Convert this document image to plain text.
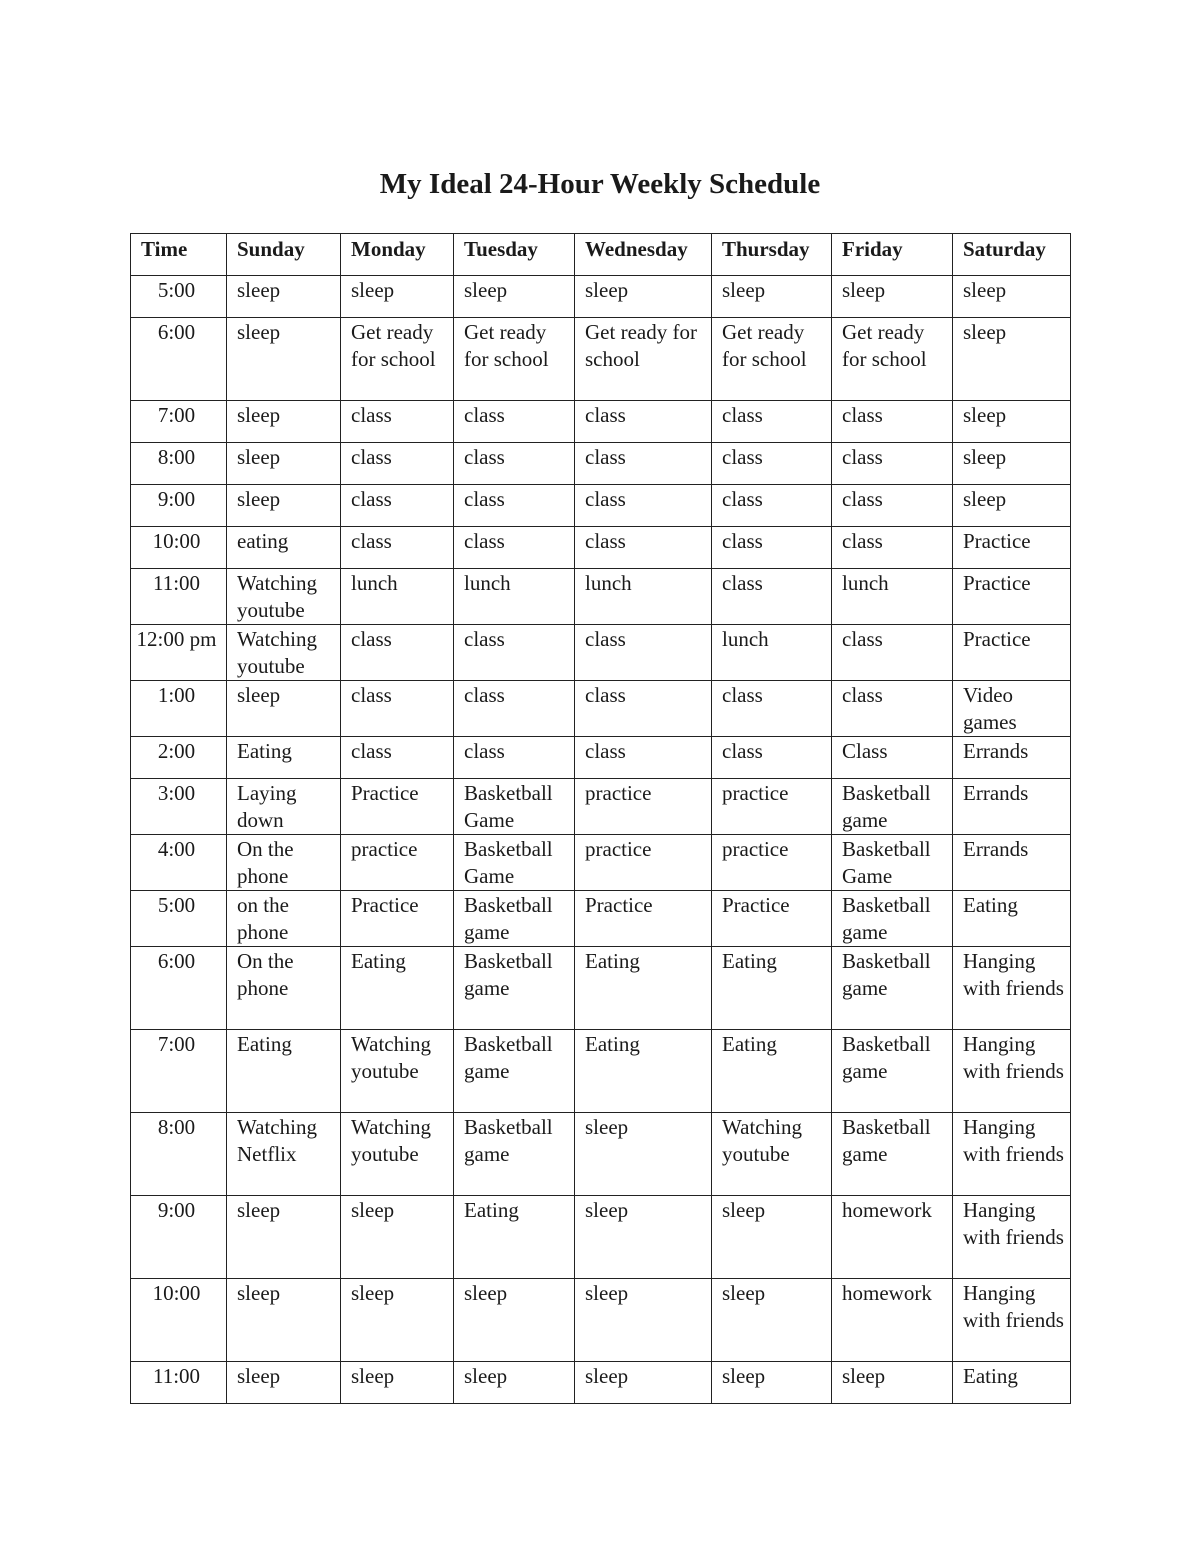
My Ideal 24-Hour Weekly Schedule
Time	Sunday	Monday	Tuesday	Wednesday	Thursday	Friday	Saturday
5:00	sleep	sleep	sleep	sleep	sleep	sleep	sleep
6:00	sleep	Get ready for school	Get ready for school	Get ready for school	Get ready for school	Get ready for school	sleep
7:00	sleep	class	class	class	class	class	sleep
8:00	sleep	class	class	class	class	class	sleep
9:00	sleep	class	class	class	class	class	sleep
10:00	eating	class	class	class	class	class	Practice
11:00	Watching youtube	lunch	lunch	lunch	class	lunch	Practice
12:00 pm	Watching youtube	class	class	class	lunch	class	Practice
1:00	sleep	class	class	class	class	class	Video games
2:00	Eating	class	class	class	class	Class	Errands
3:00	Laying down	Practice	Basketball Game	practice	practice	Basketball game	Errands
4:00	On the phone	practice	Basketball Game	practice	practice	Basketball Game	Errands
5:00	on the phone	Practice	Basketball game	Practice	Practice	Basketball game	Eating
6:00	On the phone	Eating	Basketball game	Eating	Eating	Basketball game	Hanging with friends
7:00	Eating	Watching youtube	Basketball game	Eating	Eating	Basketball game	Hanging with friends
8:00	Watching Netflix	Watching youtube	Basketball game	sleep	Watching youtube	Basketball game	Hanging with friends
9:00	sleep	sleep	Eating	sleep	sleep	homework	Hanging with friends
10:00	sleep	sleep	sleep	sleep	sleep	homework	Hanging with friends
11:00	sleep	sleep	sleep	sleep	sleep	sleep	Eating
